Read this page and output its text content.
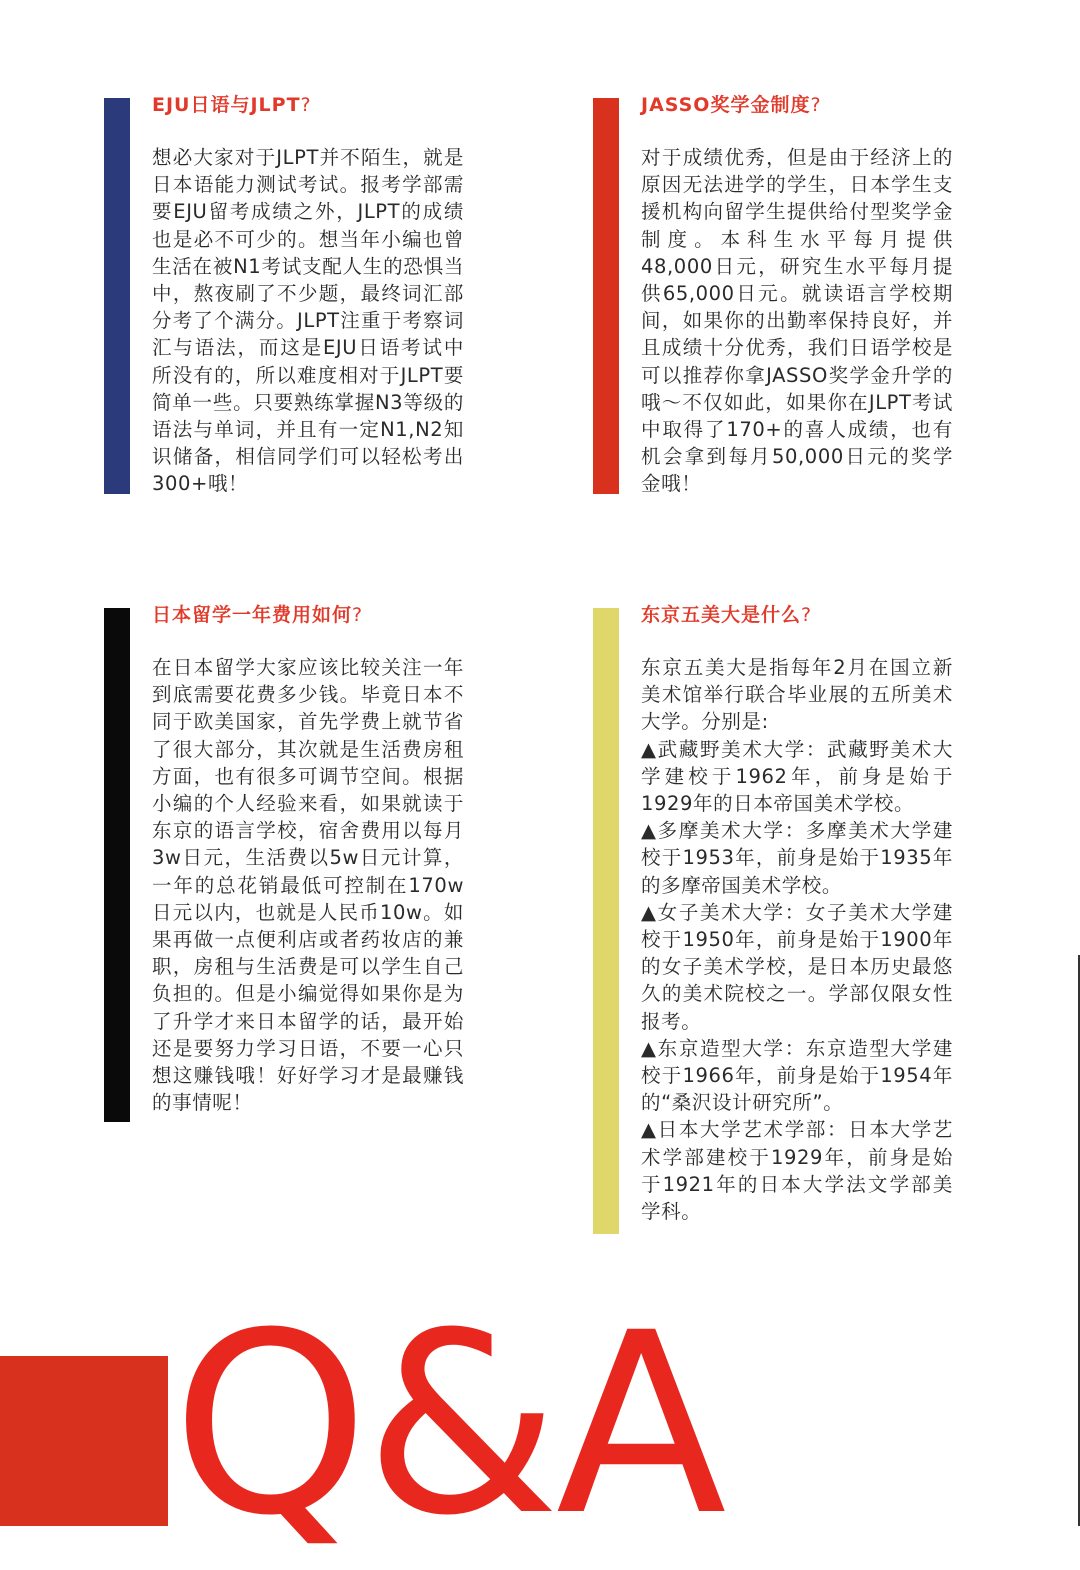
EJU日语与JLPT?

想必大家对于JLPT并不陌生，就是日本语能力测试考试。报考学部需要EJU留考成绩之外，JLPT的成绩也是必不可少的。想当年小编也曾生活在被N1考试支配人生的恐惧当中，熬夜刷了不少题，最终词汇部分考了个满分。JLPT注重于考察词汇与语法，而这是EJU日语考试中所没有的，所以难度相对于JLPT要简单一些。只要熟练掌握N3等级的语法与单词，并且有一定N1,N2知识储备，相信同学们可以轻松考出300+哦！

JASSO奖学金制度?

对于成绩优秀，但是由于经济上的原因无法进学的学生，日本学生支援机构向留学生提供给付型奖学金制度。本科生水平每月提供48,000日元，研究生水平每月提供65,000日元。就读语言学校期间，如果你的出勤率保持良好，并且成绩十分优秀，我们日语学校是可以推荐你拿JASSO奖学金升学的哦～不仅如此，如果你在JLPT考试中取得了170+的喜人成绩，也有机会拿到每月50,000日元的奖学金哦！

日本留学一年费用如何?

在日本留学大家应该比较关注一年到底需要花费多少钱。毕竟日本不同于欧美国家，首先学费上就节省了很大部分，其次就是生活费房租方面，也有很多可调节空间。根据小编的个人经验来看，如果就读于东京的语言学校，宿舍费用以每月3w日元，生活费以5w日元计算，一年的总花销最低可控制在170w日元以内，也就是人民币10w。如果再做一点便利店或者药妆店的兼职，房租与生活费是可以学生自己负担的。但是小编觉得如果你是为了升学才来日本留学的话，最开始还是要努力学习日语，不要一心只想这赚钱哦！好好学习才是最赚钱的事情呢！

东京五美大是什么?

东京五美大是指每年2月在国立新美术馆举行联合毕业展的五所美术大学。分别是:

▲武藏野美术大学：武藏野美术大学建校于1962年，前身是始于1929年的日本帝国美术学校。

▲多摩美术大学：多摩美术大学建校于1953年，前身是始于1935年的多摩帝国美术学校。

▲女子美术大学：女子美术大学建校于1950年，前身是始于1900年的女子美术学校，是日本历史最悠久的美术院校之一。学部仅限女性报考。

▲东京造型大学：东京造型大学建校于1966年，前身是始于1954年的“桑沢设计研究所”。

▲日本大学艺术学部：日本大学艺术学部建校于1929年，前身是始于1921年的日本大学法文学部美学科。

Q&A
